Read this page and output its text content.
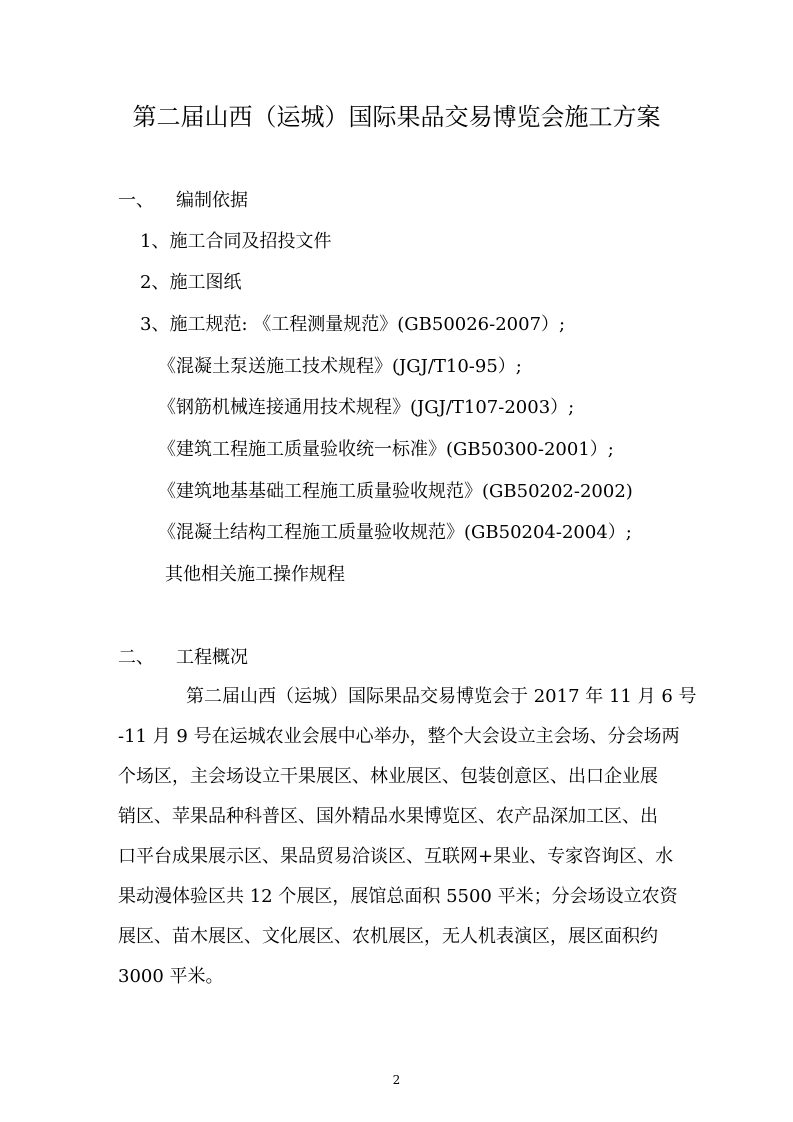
第二届山西（运城）国际果品交易博览会施工方案
一、 编制依据
1、施工合同及招投文件
2、施工图纸
3、施工规范: 《工程测量规范》(GB50026-2007）;
《混凝土泵送施工技术规程》(JGJ/T10-95）;
《钢筋机械连接通用技术规程》(JGJ/T107-2003）;
《建筑工程施工质量验收统一标准》(GB50300-2001）;
《建筑地基基础工程施工质量验收规范》(GB50202-2002)
《混凝土结构工程施工质量验收规范》(GB50204-2004）;
其他相关施工操作规程
二、 工程概况
第二届山西（运城）国际果品交易博览会于 2017 年 11 月 6 号
-11 月 9 号在运城农业会展中心举办，整个大会设立主会场、分会场两
个场区，主会场设立干果展区、林业展区、包装创意区、出口企业展
销区、苹果品种科普区、国外精品水果博览区、农产品深加工区、出
口平台成果展示区、果品贸易洽谈区、互联网+果业、专家咨询区、水
果动漫体验区共 12 个展区，展馆总面积 5500 平米；分会场设立农资
展区、苗木展区、文化展区、农机展区，无人机表演区，展区面积约
3000 平米。
2
